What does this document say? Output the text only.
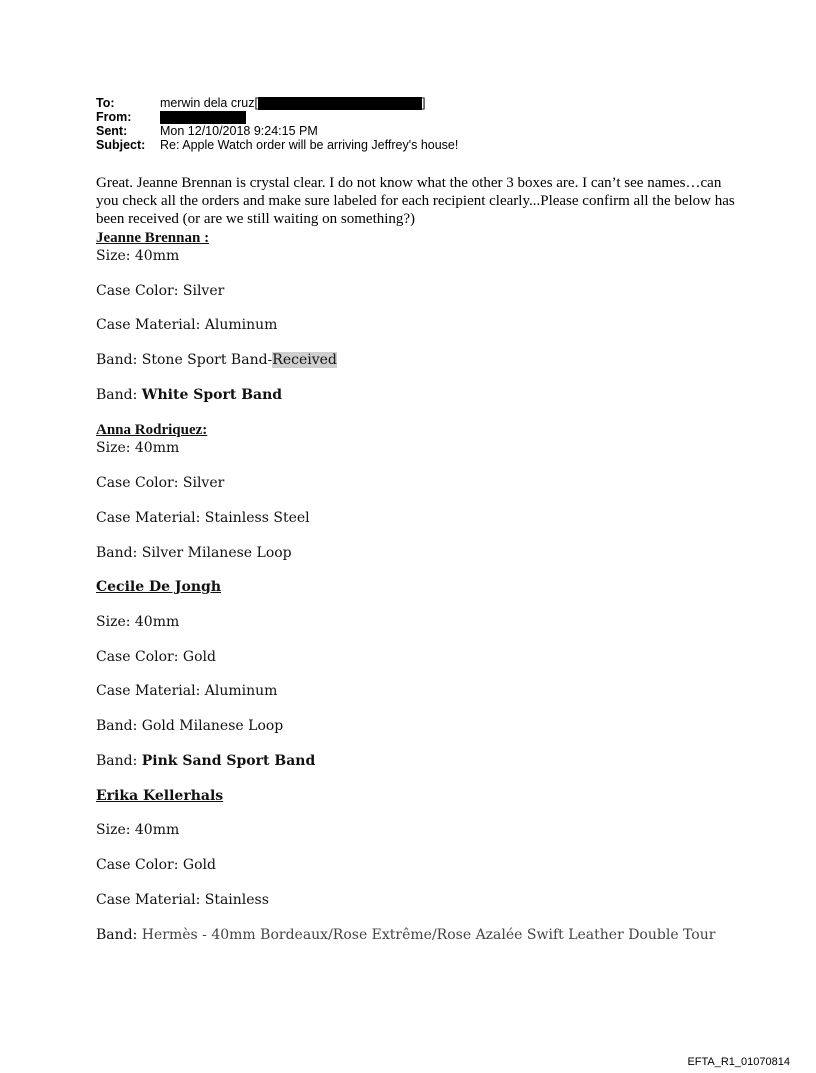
To:	merwin dela cruz[	]
From:
Sent:	Mon 12/10/2018 9:24:15 PM
Subject:	Re: Apple Watch order will be arriving Jeffrey's house!

Great. Jeanne Brennan is crystal clear. I do not know what the other 3 boxes are. I can’t see names…can you check all the orders and make sure labeled for each recipient clearly...Please confirm all the below has been received (or are we still waiting on something?)

Jeanne Brennan :
Size: 40mm
Case Color: Silver
Case Material: Aluminum
Band: Stone Sport Band-Received
Band: White Sport Band
Anna Rodriquez:
Size: 40mm
Case Color: Silver
Case Material: Stainless Steel
Band: Silver Milanese Loop
Cecile De Jongh
Size: 40mm
Case Color: Gold
Case Material: Aluminum
Band: Gold Milanese Loop
Band: Pink Sand Sport Band
Erika Kellerhals
Size: 40mm
Case Color: Gold
Case Material: Stainless
Band: Hermès - 40mm Bordeaux/Rose Extrême/Rose Azalée Swift Leather Double Tour
EFTA_R1_01070814
